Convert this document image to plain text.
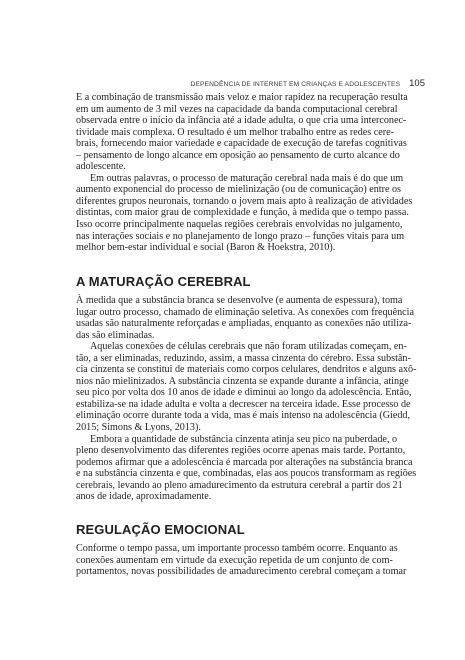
DEPENDÊNCIA DE INTERNET EM CRIANÇAS E ADOLESCENTES 105
E a combinação de transmissão mais veloz e maior rapidez na recuperação resulta
em um aumento de 3 mil vezes na capacidade da banda computacional cerebral
observada entre o início da infância até a idade adulta, o que cria uma interconec-
tividade mais complexa. O resultado é um melhor trabalho entre as redes cere-
brais, fornecendo maior variedade e capacidade de execução de tarefas cognitivas
– pensamento de longo alcance em oposição ao pensamento de curto alcance do
adolescente.
Em outras palavras, o processo de maturação cerebral nada mais é do que um
aumento exponencial do processo de mielinização (ou de comunicação) entre os
diferentes grupos neuronais, tornando o jovem mais apto à realização de atividades
distintas, com maior grau de complexidade e função, à medida que o tempo passa.
Isso ocorre principalmente naquelas regiões cerebrais envolvidas no julgamento,
nas interações sociais e no planejamento de longo prazo – funções vitais para um
melhor bem-estar individual e social (Baron & Hoekstra, 2010).
A MATURAÇÃO CEREBRAL
À medida que a substância branca se desenvolve (e aumenta de espessura), toma
lugar outro processo, chamado de eliminação seletiva. As conexões com frequência
usadas são naturalmente reforçadas e ampliadas, enquanto as conexões não utiliza-
das são eliminadas.
Aquelas conexões de células cerebrais que não foram utilizadas começam, en-
tão, a ser eliminadas, reduzindo, assim, a massa cinzenta do cérebro. Essa substân-
cia cinzenta se constitui de materiais como corpos celulares, dendritos e alguns axô-
nios não mielinizados. A substância cinzenta se expande durante a infância, atinge
seu pico por volta dos 10 anos de idade e diminui ao longo da adolescência. Então,
estabiliza-se na idade adulta e volta a decrescer na terceira idade. Esse processo de
eliminação ocorre durante toda a vida, mas é mais intenso na adolescência (Giedd,
2015; Simons & Lyons, 2013).
Embora a quantidade de substância cinzenta atinja seu pico na puberdade, o
pleno desenvolvimento das diferentes regiões ocorre apenas mais tarde. Portanto,
podemos afirmar que a adolescência é marcada por alterações na substância branca
e na substância cinzenta e que, combinadas, elas aos poucos transformam as regiões
cerebrais, levando ao pleno amadurecimento da estrutura cerebral a partir dos 21
anos de idade, aproximadamente.
REGULAÇÃO EMOCIONAL
Conforme o tempo passa, um importante processo também ocorre. Enquanto as
conexões aumentam em virtude da execução repetida de um conjunto de com-
portamentos, novas possibilidades de amadurecimento cerebral começam a tomar
